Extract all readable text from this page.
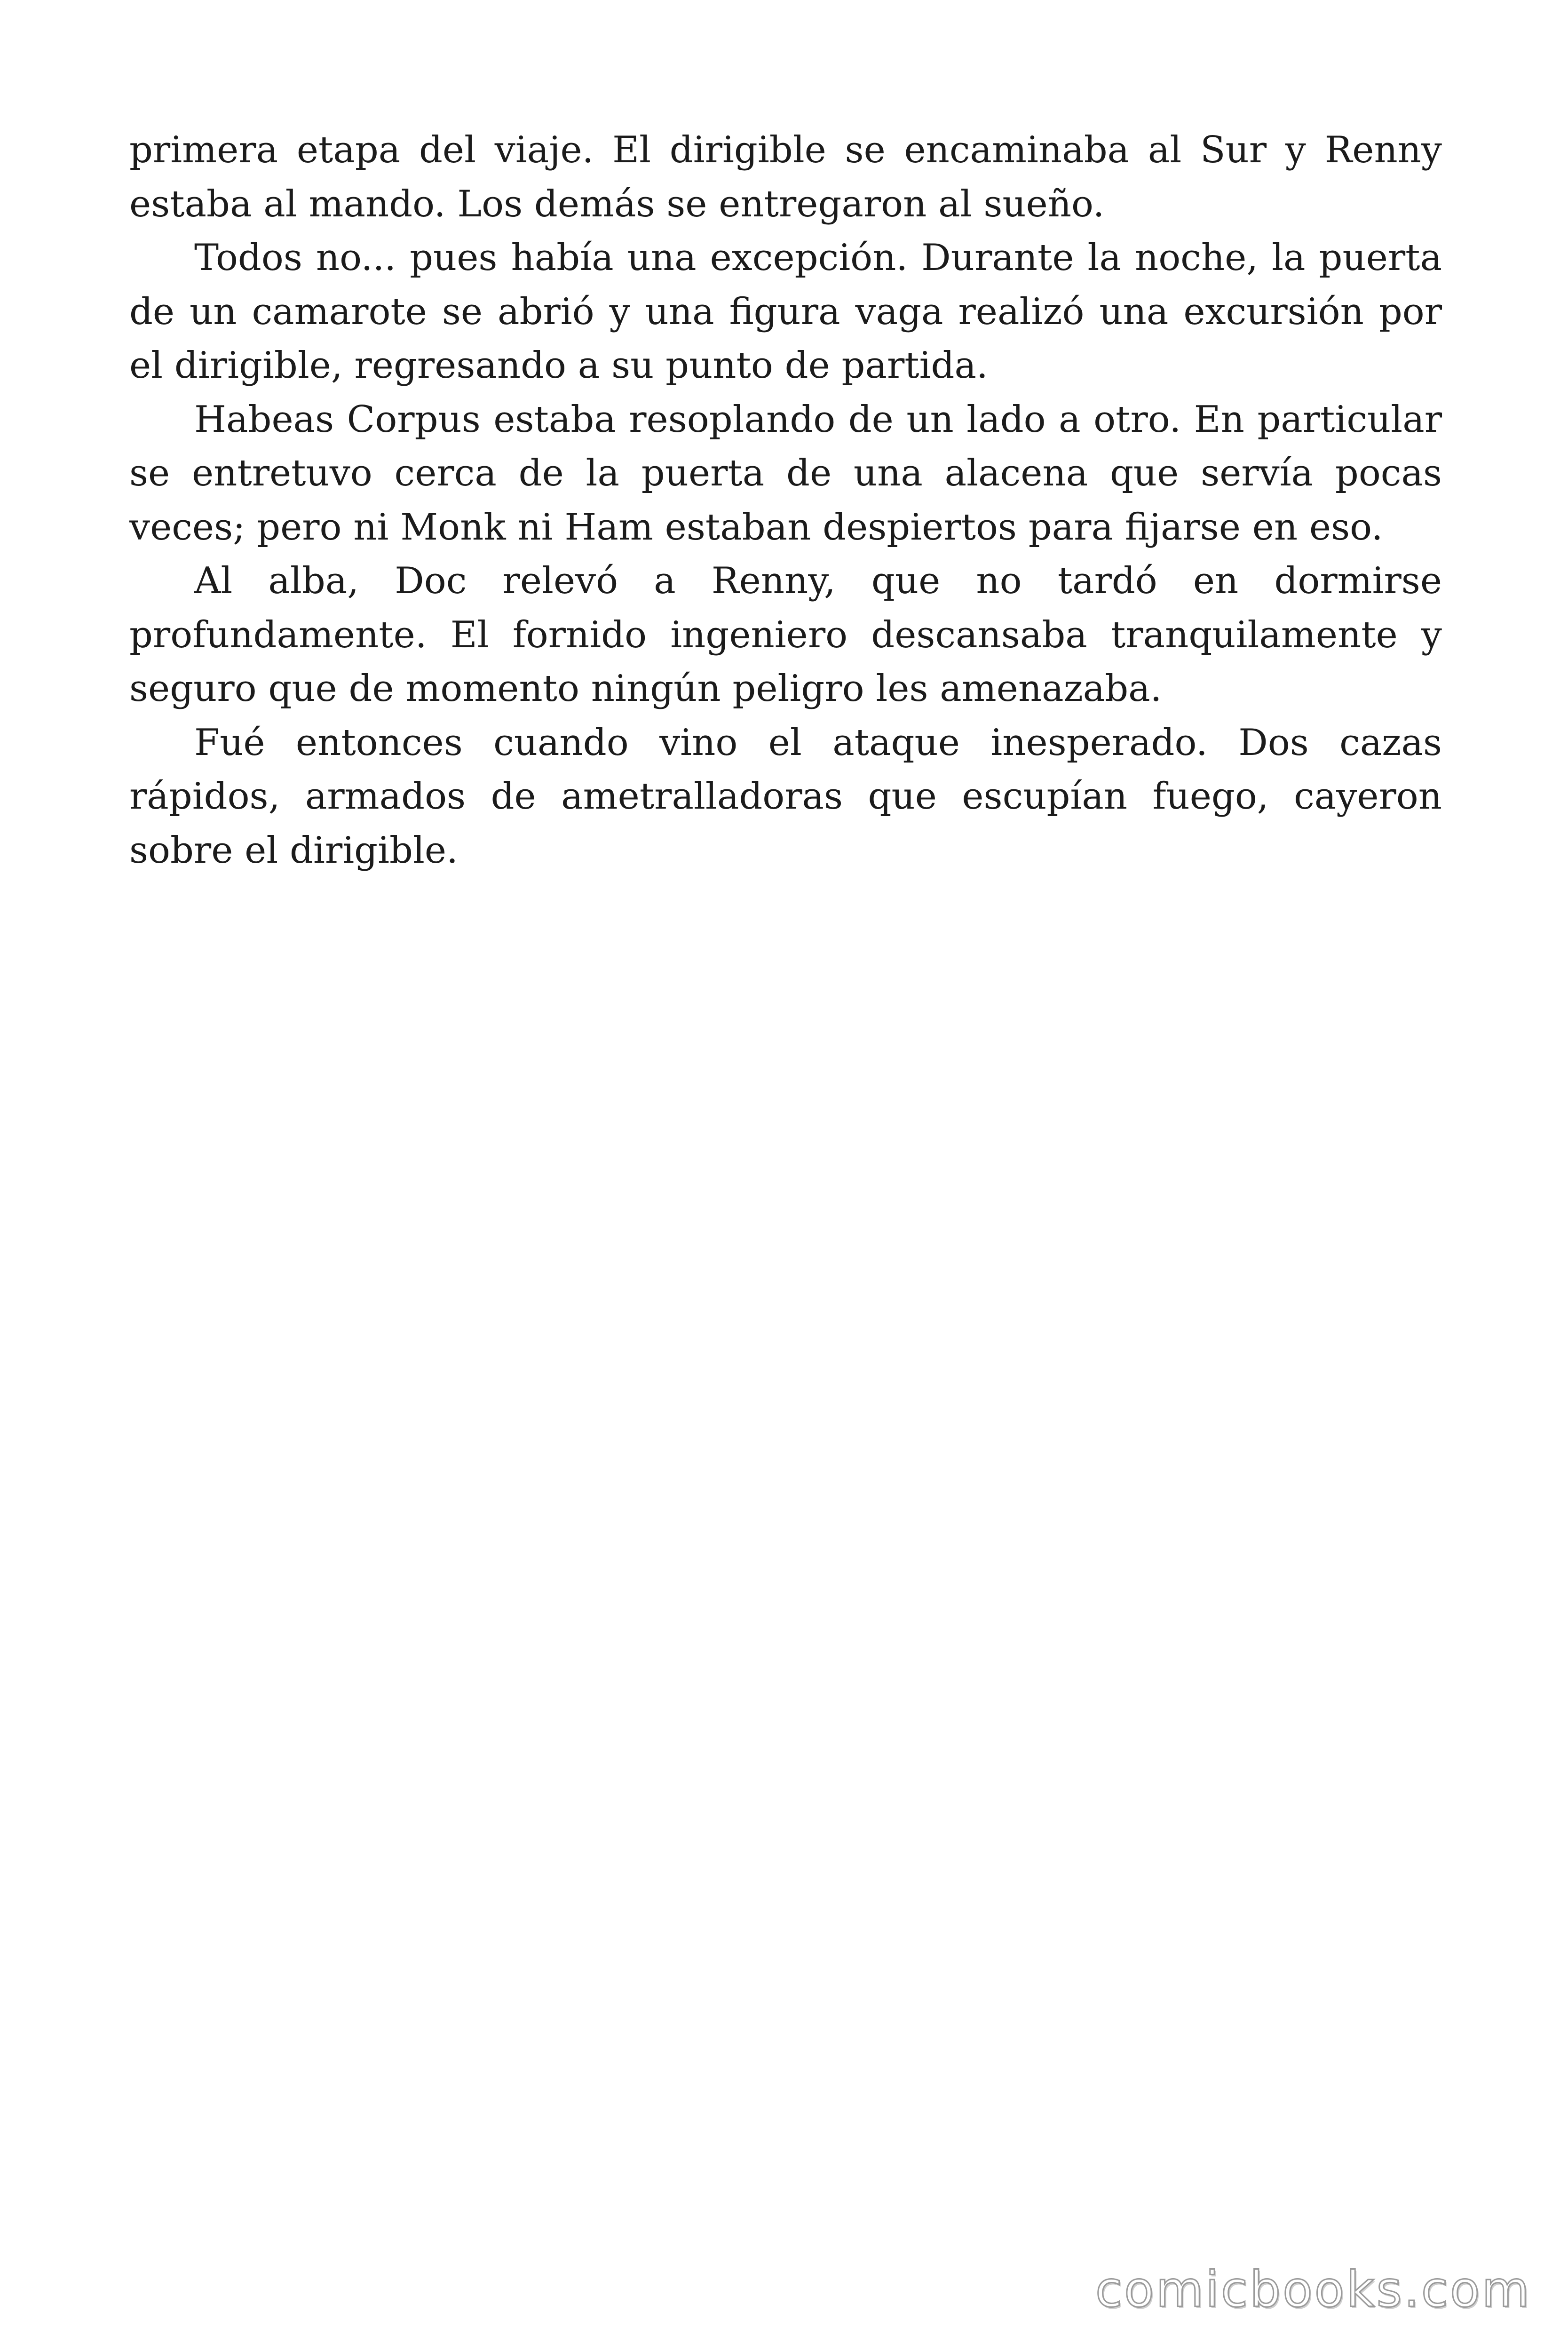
primera etapa del viaje. El dirigible se encaminaba al Sur y Renny estaba al mando. Los demás se entregaron al sueño.

Todos no... pues había una excepción. Durante la noche, la puerta de un camarote se abrió y una figura vaga realizó una excursión por el dirigible, regresando a su punto de partida.

Habeas Corpus estaba resoplando de un lado a otro. En particular se entretuvo cerca de la puerta de una alacena que servía pocas veces; pero ni Monk ni Ham estaban despiertos para fijarse en eso.

Al alba, Doc relevó a Renny, que no tardó en dormirse profundamente. El fornido ingeniero descansaba tranquilamente y seguro que de momento ningún peligro les amenazaba.

Fué entonces cuando vino el ataque inesperado. Dos cazas rápidos, armados de ametralladoras que escupían fuego, cayeron sobre el dirigible.

comicbooks.com
